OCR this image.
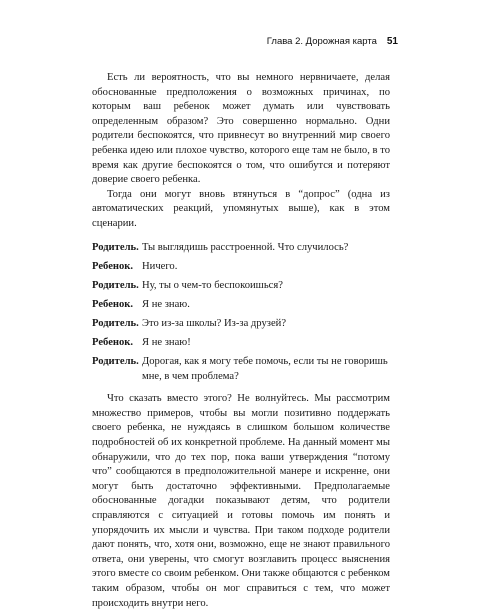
Глава 2. Дорожная карта 51

Есть ли вероятность, что вы немного нервничаете, делая обоснованные предположения о возможных причинах, по которым ваш ребенок может думать или чувствовать определенным образом? Это совершенно нормально. Одни родители беспокоятся, что привнесут во внутренний мир своего ребенка идею или плохое чувство, которого еще там не было, в то время как другие беспокоятся о том, что ошибутся и потеряют доверие своего ребенка.

Тогда они могут вновь втянуться в “допрос” (одна из автоматических реакций, упомянутых выше), как в этом сценарии.

Родитель. Ты выглядишь расстроенной. Что случилось?
Ребенок. Ничего.
Родитель. Ну, ты о чем-то беспокоишься?
Ребенок. Я не знаю.
Родитель. Это из-за школы? Из-за друзей?
Ребенок. Я не знаю!
Родитель. Дорогая, как я могу тебе помочь, если ты не говоришь мне, в чем проблема?

Что сказать вместо этого? Не волнуйтесь. Мы рассмотрим множество примеров, чтобы вы могли позитивно поддержать своего ребенка, не нуждаясь в слишком большом количестве подробностей об их конкретной проблеме. На данный момент мы обнаружили, что до тех пор, пока ваши утверждения “потому что” сообщаются в предположительной манере и искренне, они могут быть достаточно эффективными. Предполагаемые обоснованные догадки показывают детям, что родители справляются с ситуацией и готовы помочь им понять и упорядочить их мысли и чувства. При таком подходе родители дают понять, что, хотя они, возможно, еще не знают правильного ответа, они уверены, что смогут возглавить процесс выяснения этого вместе со своим ребенком. Они также общаются с ребенком таким образом, чтобы он мог справиться с тем, что может происходить внутри него.
